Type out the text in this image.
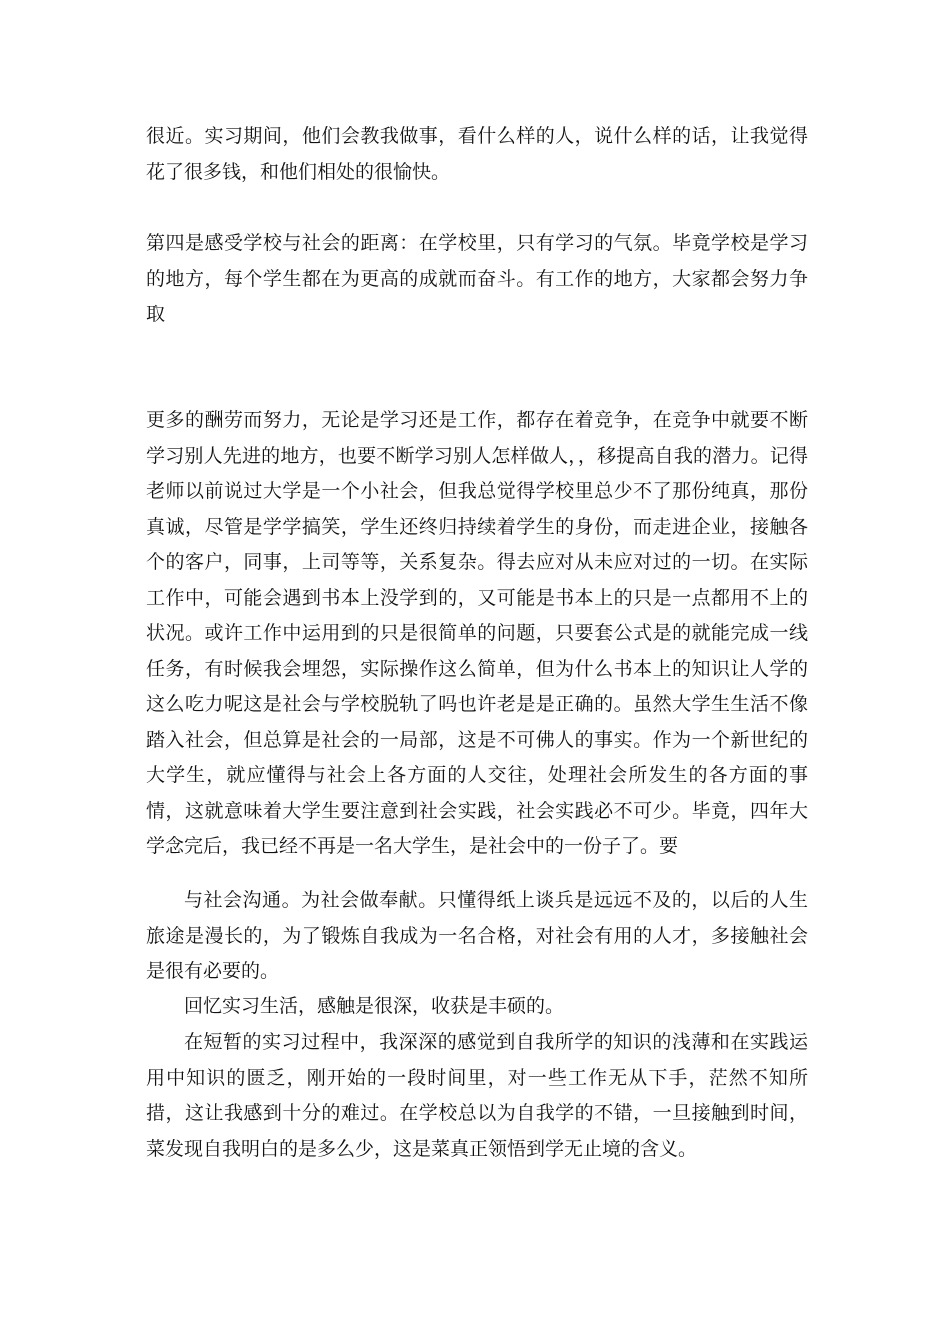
很近。实习期间，他们会教我做事，看什么样的人，说什么样的话，让我觉得花了很多钱，和他们相处的很愉快。

第四是感受学校与社会的距离：在学校里，只有学习的气氛。毕竟学校是学习的地方，每个学生都在为更高的成就而奋斗。有工作的地方，大家都会努力争取

更多的酬劳而努力，无论是学习还是工作，都存在着竞争，在竞争中就要不断学习别人先进的地方，也要不断学习别人怎样做人，，移提高自我的潜力。记得老师以前说过大学是一个小社会，但我总觉得学校里总少不了那份纯真，那份真诚，尽管是学学搞笑，学生还终归持续着学生的身份，而走进企业，接触各个的客户，同事，上司等等，关系复杂。得去应对从未应对过的一切。在实际工作中，可能会遇到书本上没学到的，又可能是书本上的只是一点都用不上的状况。或许工作中运用到的只是很简单的问题，只要套公式是的就能完成一线任务，有时候我会埋怨，实际操作这么简单，但为什么书本上的知识让人学的这么吃力呢这是社会与学校脱轨了吗也许老是是正确的。虽然大学生生活不像踏入社会，但总算是社会的一局部，这是不可佛人的事实。作为一个新世纪的大学生，就应懂得与社会上各方面的人交往，处理社会所发生的各方面的事情，这就意味着大学生要注意到社会实践，社会实践必不可少。毕竟，四年大学念完后，我已经不再是一名大学生，是社会中的一份子了。要

与社会沟通。为社会做奉献。只懂得纸上谈兵是远远不及的，以后的人生旅途是漫长的，为了锻炼自我成为一名合格，对社会有用的人才，多接触社会是很有必要的。

回忆实习生活，感触是很深，收获是丰硕的。

在短暂的实习过程中，我深深的感觉到自我所学的知识的浅薄和在实践运用中知识的匮乏，刚开始的一段时间里，对一些工作无从下手，茫然不知所措，这让我感到十分的难过。在学校总以为自我学的不错，一旦接触到时间，菜发现自我明白的是多么少，这是菜真正领悟到学无止境的含义。
